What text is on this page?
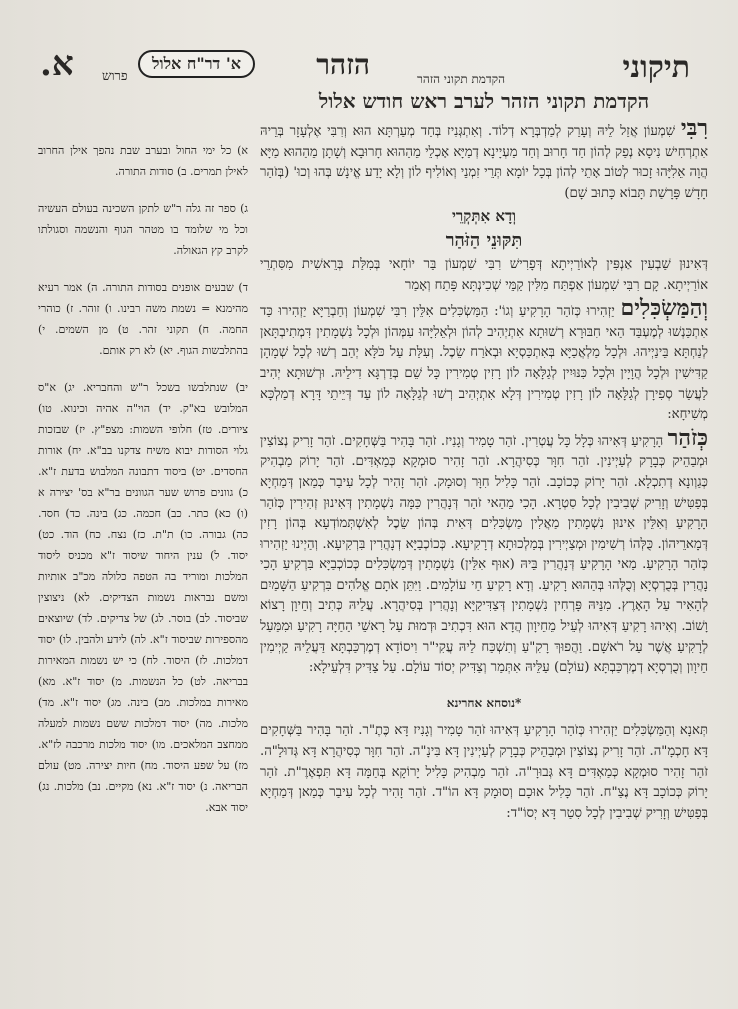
תיקוני
הקדמת תקוני הזהר
הזהר
א' דר"ח אלול
פרוש
א.
הקדמת תקוני הזהר לערב ראש חודש אלול

רִבִּי שִׁמְעוֹן אֲזַל לֵיהּ וְעָרַק לְמַדְבְּרָא דְלוֹד. וְאִתְגְּנִיז בְּחַד מְעַרְתָּא הוּא וְרִבִּי אֶלְעָזָר בְּרֵיהּ אִתְרְחִישׁ נִיסָא נְפַק לְהוֹן חַד חָרוּב וְחַד מַעְיָינָא דְמַיָּא אָכְלֵי מֵהַהוּא חָרוּבָא וְשָׁתָן מֵהַהוּא מַיָּא הֲוָה אֵלִיָּהוּ זָכוּר לְטוֹב אָתֵי לְהוֹן בְּכָל יוֹמָא תְּרֵי זִמְנֵי וְאוֹלִיף לוֹן וְלָא יָדַע אֱינָשׁ בְּהוּ וְכוּ' (בְּזֹהַר חָדָשׁ פָּרָשַׁת תָּבוֹא כָּתוּב שָׁם)

וְדָא אִתְּקְרֵי
תִּקּוּנֵי הַזֹּהַר

דְּאִינוּן שַׁבְעִין אַנְפִּין לְאוֹרַיְיתָא דְּפָרִישׁ רִבִּי שִׁמְעוֹן בַּר יוֹחָאי בְּמִלַּת בְּרֵאשִׁית מִסִּתְרֵי אוֹרַיְיתָא. קָם רִבִּי שִׁמְעוֹן אַפְתַּח מִלִּין קַמֵּי שְׁכִינְתָּא פָּתַח וְאָמַר

וְהַמַּשְׂכִּלִים יַזְהִירוּ כְּזֹהַר הָרָקִיעַ וְגוֹ': הַמַּשְׂכִּלִים אִלֵּין רִבִּי שִׁמְעוֹן וְחַבְרַיָּא יַזְהִירוּ כַּד אִתְכַּנְשׁוּ לְמֶעְבַּד הַאי חִבּוּרָא רְשׁוּתָא אִתְיְהִיב לְהוֹן וּלְאֵלִיָּהוּ עִמְּהוֹן וּלְכָל נִשְׁמָתִין דִּמְתִיבְתָּאן לְנַחְתָּא בֵּינַיְיהוּ. וּלְכָל מַלְאֲכַיָּא בְּאִתְכַּסְיָא וּבְאֹרַח שֵׂכֶל. וְעִלַּת עַל כֹּלָּא יְהַב רְשׁוּ לְכָל שְׁמָהָן קַדִּישִׁין וּלְכָל הֲוָיָין וּלְכָל כִּנּוּיִין לְגַלָּאָה לוֹן רָזִין טְמִירִין כָּל שֵׁם בְּדַרְגָּא דִילֵיהּ. וּרְשׁוּתָא יְהִיב לַעֲשַׂר סְפִירָן לְגַלָּאָה לוֹן רָזִין טְמִירִין דְּלָא אִתְיְהִיב רְשׁוּ לְגַלָּאָה לוֹן עַד דְּיֵיתֵי דָּרָא דְמַלְכָּא מְשִׁיחָא:

כְּזֹהַר הָרָקִיעַ דְּאִיהוּ כְּלָל כָּל עֲטְרִין. זֹהַר טָמִיר וְגָנִיז. זֹהַר בָּהִיר בַּשְּׁחָקִים. זֹהַר זָרִיק נְצוֹצִין וּמְבַהֵיק כְּבָרָק לְעַיְינִין. זֹהַר חִוָּר כְּסִיהֲרָא. זֹהַר זָהִיר סוּמְקָא כְּמַאְדִּים. זֹהַר יָרוֹק מַבְהִיק כְּגַוְונָא דְתִכְלָא. זֹהַר יָרוֹק כְּכוֹכָב. זֹהַר כָּלִיל חִוָּר וְסוּמָק. זֹהַר זָהִיר לְכָל עִיבַר כְּמַאן דְּמַחְיָא בְּפַטִּישׁ וְזָרִיק שְׁבִיבִין לְכָל סִטְרָא. הָכִי מֵהַאי זֹהַר דְּנָהֲרִין כַּמָּה נִשְׁמָתִין דְּאִינוּן זְהִירִין כְּזֹהַר הָרָקִיעַ וְאִלֵּין אִינוּן נִשְׁמָתִין מַאֲלִין מַשְׂכִּלִים דְּאִית בְּהוֹן שֵׂכֶל לְאִשְׁתְּמוֹדְעָא בְּהוֹן רָזִין דְּמָארֵיהוֹן. כֻּלְּהוֹ רְשִׁימִין וּמְצַיְירִין בְּמַלְכוּתָא דְרָקִיעָא. כְּכוֹכְבַיָּא דְנָהֲרִין בִּרְקִיעָא. וְהַיְינוּ יַזְהִירוּ כְּזֹהַר הָרָקִיעַ. מַאי הָרָקִיעַ דְּנָהֲרִין בֵּיהּ (אוּף אִלֵּין) נִשְׁמָתִין דְּמַשְׂכִּלִים כְּכוֹכְבַיָּא בִּרְקִיעַ הָכִי נָהֲרִין בְּכֻרְסְיָא וְכֻלְּהוּ בְּהַהוּא רָקִיעַ. וְדָא רָקִיעַ חַי עוֹלָמִים. וַיִּתֵּן אֹתָם אֱלֹהִים בִּרְקִיעַ הַשָּׁמַיִם לְהָאִיר עַל הָאָרֶץ. מִנֵּיהּ פָּרְחִין נִשְׁמָתִין דְּצַדִּיקַיָּא וְנָהֲרִין בְּסִיהֲרָא. עֲלֵיהּ כְּתִיב וְחֵיוָן רָצוֹא וָשׁוֹב. וְאִיהוּ רָקִיעַ דְּאִיהוּ לְעֵיל מֵחֵיוָון הֲדָא הוּא דִּכְתִיב וּדְמוּת עַל רָאשֵׁי הַחַיָּה רָקִיעַ וּמִמַּעַל לְרָקִיעַ אֲשֶׁר עַל רֹאשָׁם. וַהֲפוּךְ רָקִ"עַ וְתִשְׁכַּח לֵיהּ עֲקִי"ר וִיסוֹדָא דְמֶרְכַּבְתָּא דַּעֲלֵיהּ קַיְימִין חֵיוָון וְכֻרְסְיָא דְמֶרְכַּבְתָּא (עוֹלָם) עַלֵּיהּ אִתְּמַר וְצַדִּיק יְסוֹד עוֹלָם. עַל צַדִּיק דִּלְעֵילָא:

*נוסחא אחרינא

תְּאנָא וְהַמַּשְׂכִּלִים יַזְהִירוּ כְּזֹהַר הָרָקִיעַ דְּאִיהוּ זֹהַר טָמִיר וְגָנִיז דָּא כֶּתֶ"ר. זֹהַר בָּהִיר בַּשְּׁחָקִים דָּא חָכְמָ"ה. זֹהַר זָרִיק נְצוֹצִין וּמְבַהֵיק כְּבָרָק לְעַיְינִין דָּא בִּינָ"ה. זֹהַר חִוָּר כְּסִיהֲרָא דָּא גְּדוּלָ"ה. זֹהַר זָהִיר סוּמְקָא כְּמַאְדִּים דָּא גְּבוּרָ"ה. זֹהַר מַבְהִיק כָּלִיל יָרוֹקָא בְּחַמָּה דָּא תִּפְאֶרֶ"ת. זֹהַר יָרוֹק כְּכוֹכָב דָּא נֶצַ"ח. זֹהַר כָּלִיל אוּכָם וְסוּמָק דָּא הוֹ"ד. זֹהַר זָהִיר לְכָל עִיבַר כְּמַאן דְּמַחְיָא בְּפַטִּישׁ וְזָרִיק שְׁבִיבִין לְכָל סִטַר דָּא יְסוֹ"ד:

א) כל ימי החול ובערב שבת נהפך אילן החרוב לאילן תמרים. ב) סודות התורה.

ג) ספר זה גלה ר"ש לתקן השכינה בעולם העשיה וכל מי שלומד בו מטהר הגוף והנשמה וסגולתו לקרב קץ הגאולה.

ד) שבעים אופנים בסודות התורה. ה) אמר רעיא מהימנא = נשמת משה רבינו. ו) זוהר. ז) כוהרי החמה. ח) תקוני זהר. ט) מן השמים. י) בהתלבשות הגוף. יא) לא רק אותם.

יב) שנתלבשו בשכל ר"ש והחבריא. יג) א"ס המלובש בא"ק. יד) הוי"ה אהיה וכינוא. טו) ציורים. טז) חלופי השמות: מצפ"ץ. יז) שבזכות גלוי הסודות יבוא משיח צדקנו בב"א. יח) אורות החסדים. יט) ביסוד דתבונה המלבוש בדעת ז"א. כ) גוונים פרוש שער הגוונים בר"א בס' יצירה א (ו) כא) כתר. כב) חכמה. כג) בינה. כד) חסד. כה) גבורה. כו) ת"ת. כז) נצח. כח) הוד. כט) יסוד. ל) ענין היחוד שיסוד ז"א מכניס ליסוד המלכות ומוריד בה הטפה כלולה מכ"ב אותיות ומשם נבראות נשמות הצדיקים. לא) ניצוצין שביסוד. לב) בוסר. לג) של צדיקים. לד) שיוצאים מהספירות שביסוד ז"א. לה) לידע ולהבין. לו) יסוד דמלכות. לז) היסוד. לח) כי יש נשמות המאירות בבריאה. לט) כל הנשמות. מ) יסוד ז"א. מא) מאירות במלכות. מב) בינה. מג) יסוד ז"א. מד) מלכות. מה) יסוד דמלכות ששם נשמות למעלה ממחצב המלאכים. מו) יסוד מלכות מרכבה לז"א. מז) על שפע היסוד. מח) חיות יצירה. מט) עולם הבריאה. נ) יסוד ז"א. נא) מקיים. נב) מלכות. נג) יסוד אבא.
